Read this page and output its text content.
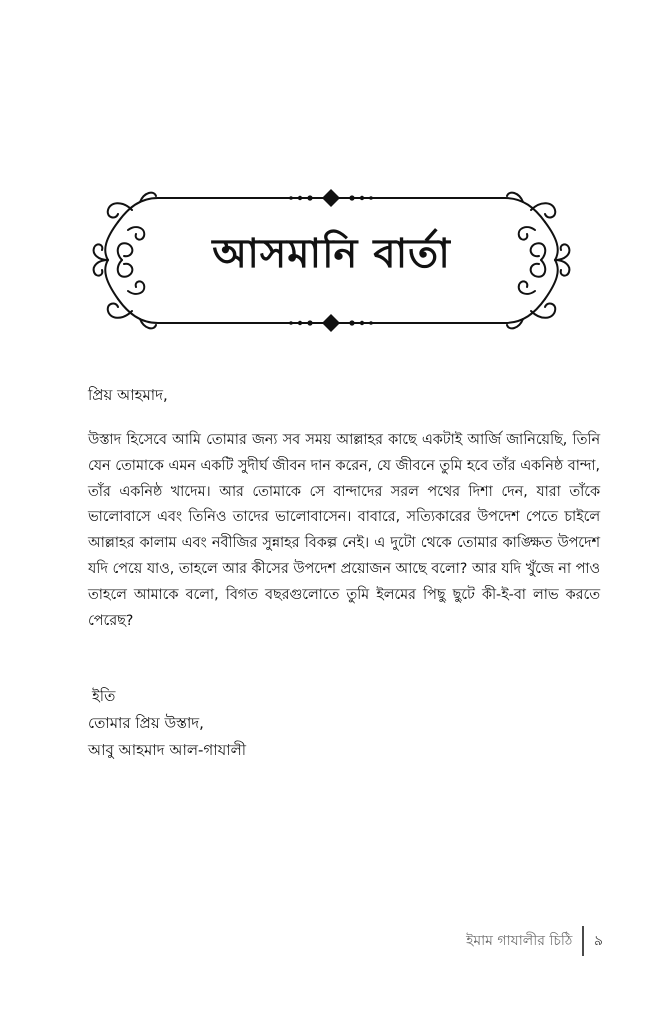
আসমানি বার্তা

প্রিয় আহমাদ,

উস্তাদ হিসেবে আমি তোমার জন্য সব সময় আল্লাহর কাছে একটাই আর্জি জানিয়েছি, তিনি যেন তোমাকে এমন একটি সুদীর্ঘ জীবন দান করেন, যে জীবনে তুমি হবে তাঁর একনিষ্ঠ বান্দা, তাঁর একনিষ্ঠ খাদেম। আর তোমাকে সে বান্দাদের সরল পথের দিশা দেন, যারা তাঁকে ভালোবাসে এবং তিনিও তাদের ভালোবাসেন। বাবারে, সত্যিকারের উপদেশ পেতে চাইলে আল্লাহর কালাম এবং নবীজির সুন্নাহর বিকল্প নেই। এ দুটো থেকে তোমার কাঙ্ক্ষিত উপদেশ যদি পেয়ে যাও, তাহলে আর কীসের উপদেশ প্রয়োজন আছে বলো? আর যদি খুঁজে না পাও তাহলে আমাকে বলো, বিগত বছরগুলোতে তুমি ইলমের পিছু ছুটে কী-ই-বা লাভ করতে পেরেছ?

ইতি
তোমার প্রিয় উস্তাদ,
আবু আহমাদ আল-গাযালী
ইমাম গাযালীর চিঠি ৯
